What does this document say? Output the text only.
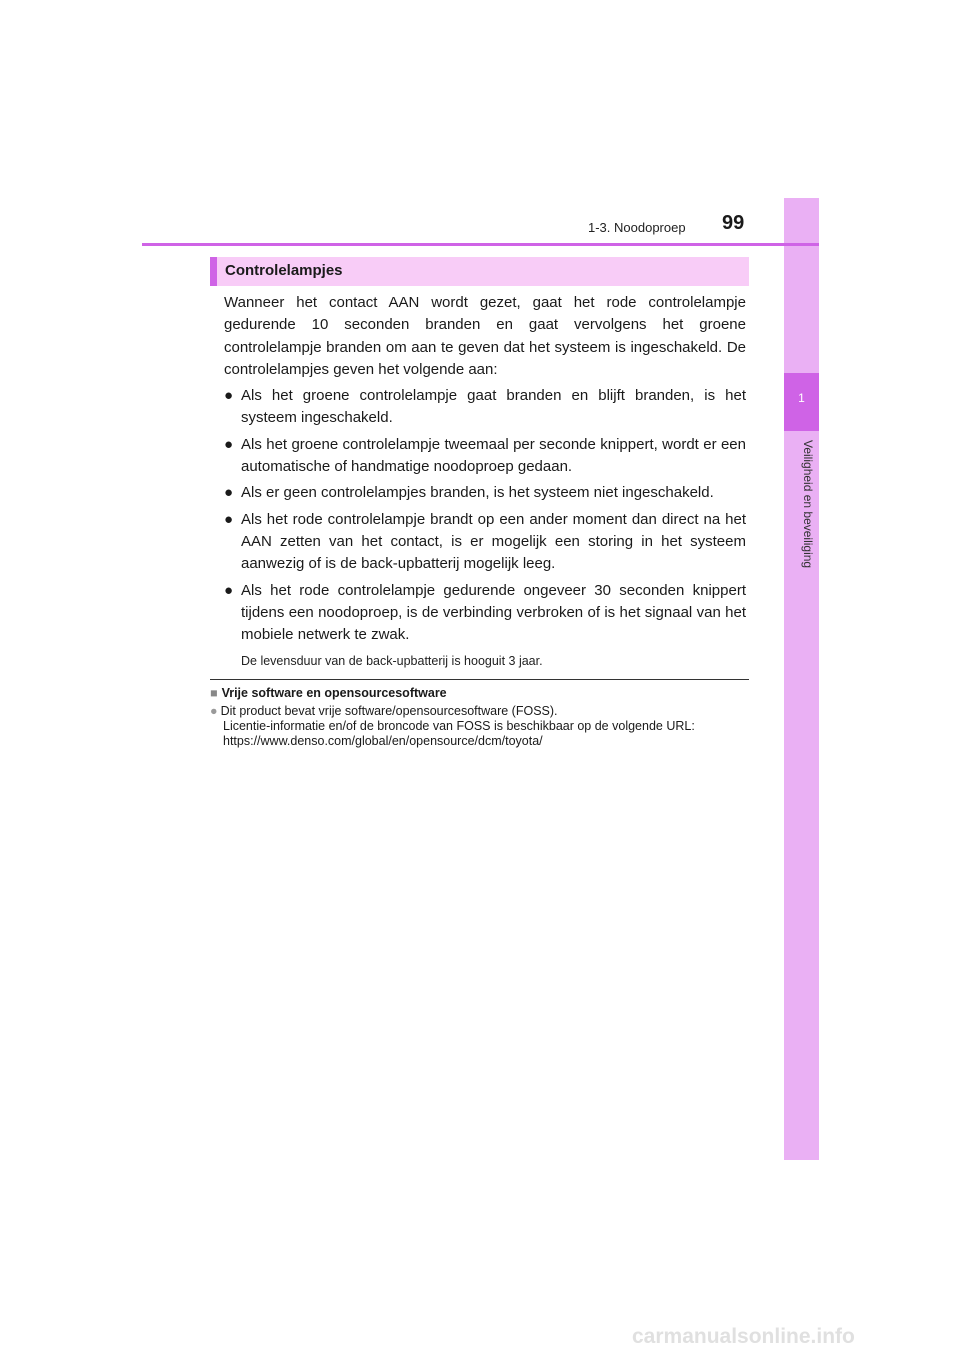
1
Veiligheid en beveiliging
99
1-3. Noodoproep
Controlelampjes

Wanneer het contact AAN wordt gezet, gaat het rode controlelampje gedurende 10 seconden branden en gaat vervolgens het groene controlelampje branden om aan te geven dat het systeem is ingeschakeld. De controlelampjes geven het volgende aan:

● Als het groene controlelampje gaat branden en blijft branden, is het systeem ingeschakeld.
● Als het groene controlelampje tweemaal per seconde knippert, wordt er een automatische of handmatige noodoproep gedaan.
● Als er geen controlelampjes branden, is het systeem niet ingeschakeld.
● Als het rode controlelampje brandt op een ander moment dan direct na het AAN zetten van het contact, is er mogelijk een storing in het systeem aanwezig of is de back-upbatterij mogelijk leeg.
● Als het rode controlelampje gedurende ongeveer 30 seconden knippert tijdens een noodoproep, is de verbinding verbroken of is het signaal van het mobiele netwerk te zwak.

De levensduur van de back-upbatterij is hooguit 3 jaar.

■ Vrije software en opensourcesoftware
● Dit product bevat vrije software/opensourcesoftware (FOSS).
Licentie-informatie en/of de broncode van FOSS is beschikbaar op de volgende URL:
https://www.denso.com/global/en/opensource/dcm/toyota/
carmanualsonline.info
